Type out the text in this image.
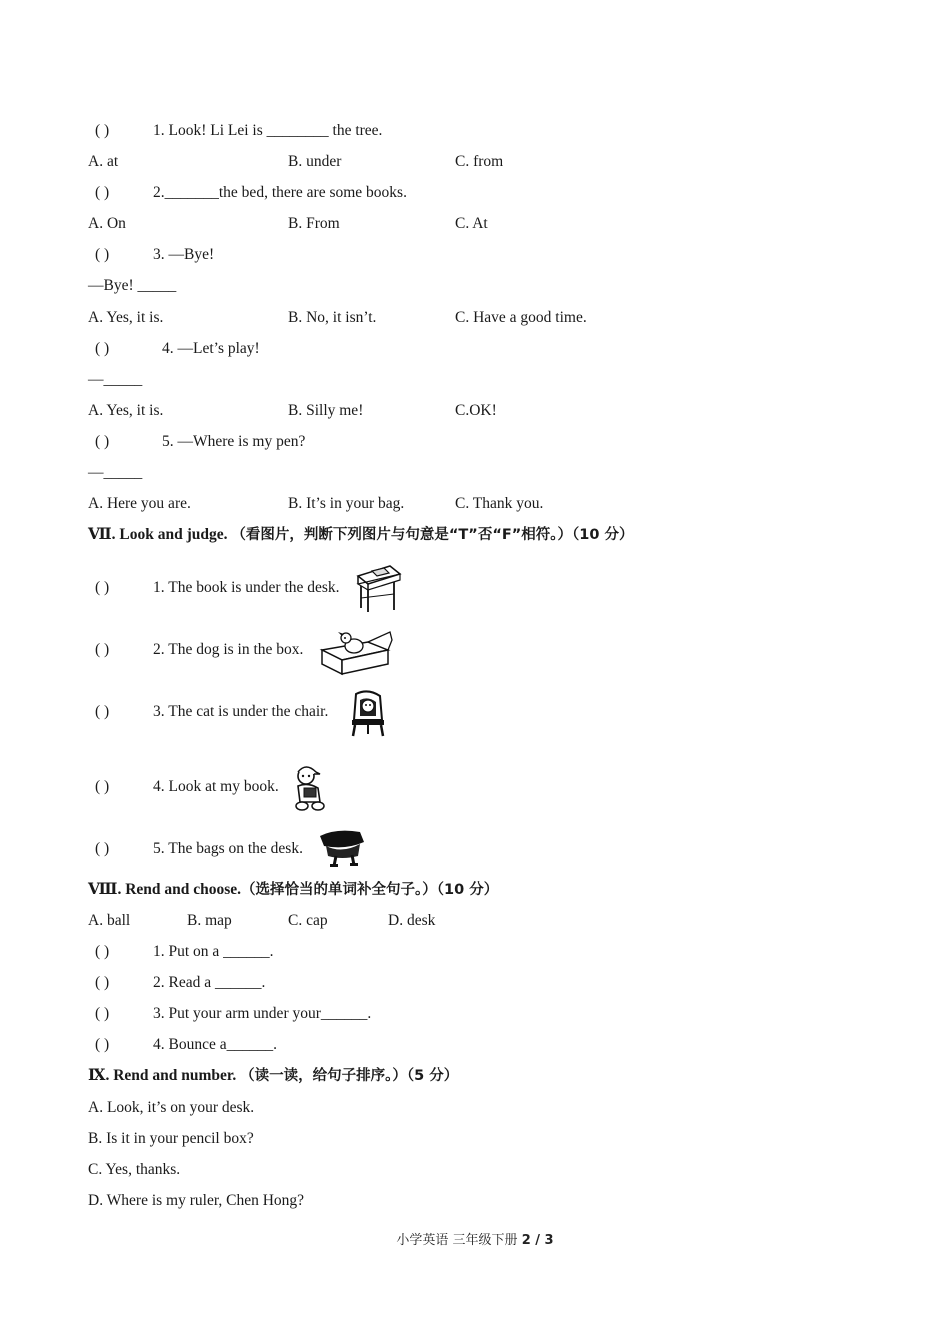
( )	1. Look! Li Lei is ________ the tree.
A. at	B. under	C. from
( )	2._______the bed, there are some books.
A. On	B. From	C. At
( )	3. —Bye!
—Bye! _____
A. Yes, it is.	B. No, it isn’t.	C. Have a good time.
( )	4. —Let’s play!
—_____
A. Yes, it is.	B. Silly me!	C.OK!
( )	5. —Where is my pen?
—_____
A. Here you are.	B. It’s in your bag.	C. Thank you.
Ⅶ. Look and judge. （看图片，判断下列图片与句意是“T”否“F”相符。）（10 分）
( )	1. The book is under the desk.
( )	2. The dog is in the box.
( )	3. The cat is under the chair.
( )	4. Look at my book.
( )	5. The bags on the desk.
Ⅷ. Rend and choose.（选择恰当的单词补全句子。）（10 分）
A. ball	B. map	C. cap	D. desk
( )	1. Put on a ______.
( )	2. Read a ______.
( )	3. Put your arm under your______.
( )	4. Bounce a______.
Ⅸ. Rend and number. （读一读，给句子排序。）（5 分）
A. Look, it’s on your desk.
B. Is it in your pencil box?
C. Yes, thanks.
D. Where is my ruler, Chen Hong?
小学英语 三年级下册 2 / 3
